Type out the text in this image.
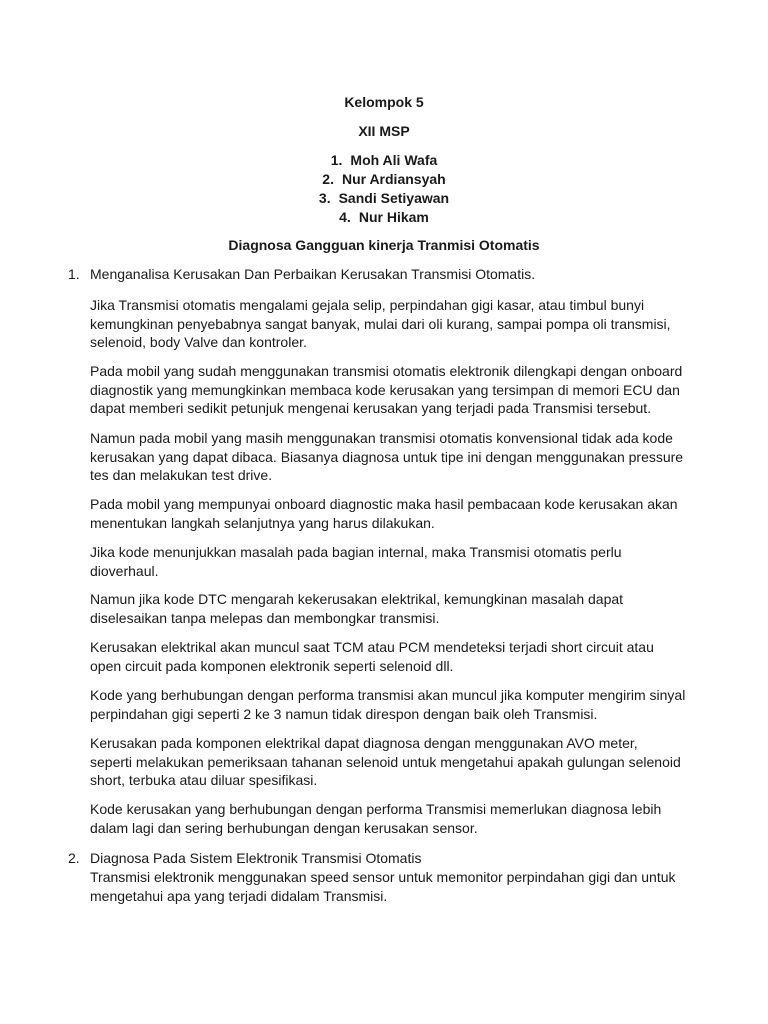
Kelompok 5
XII MSP
1. Moh Ali Wafa
2. Nur Ardiansyah
3. Sandi Setiyawan
4. Nur Hikam
Diagnosa Gangguan kinerja Tranmisi Otomatis
1. Menganalisa Kerusakan Dan Perbaikan Kerusakan Transmisi Otomatis.
Jika Transmisi otomatis mengalami gejala selip, perpindahan gigi kasar, atau timbul bunyi
kemungkinan penyebabnya sangat banyak, mulai dari oli kurang, sampai pompa oli transmisi,
selenoid, body Valve dan kontroler.
Pada mobil yang sudah menggunakan transmisi otomatis elektronik dilengkapi dengan onboard
diagnostik yang memungkinkan membaca kode kerusakan yang tersimpan di memori ECU dan
dapat memberi sedikit petunjuk mengenai kerusakan yang terjadi pada Transmisi tersebut.
Namun pada mobil yang masih menggunakan transmisi otomatis konvensional tidak ada kode
kerusakan yang dapat dibaca. Biasanya diagnosa untuk tipe ini dengan menggunakan pressure
tes dan melakukan test drive.
Pada mobil yang mempunyai onboard diagnostic maka hasil pembacaan kode kerusakan akan
menentukan langkah selanjutnya yang harus dilakukan.
Jika kode menunjukkan masalah pada bagian internal, maka Transmisi otomatis perlu
dioverhaul.
Namun jika kode DTC mengarah kekerusakan elektrikal, kemungkinan masalah dapat
diselesaikan tanpa melepas dan membongkar transmisi.
Kerusakan elektrikal akan muncul saat TCM atau PCM mendeteksi terjadi short circuit atau
open circuit pada komponen elektronik seperti selenoid dll.
Kode yang berhubungan dengan performa transmisi akan muncul jika komputer mengirim sinyal
perpindahan gigi seperti 2 ke 3 namun tidak direspon dengan baik oleh Transmisi.
Kerusakan pada komponen elektrikal dapat diagnosa dengan menggunakan AVO meter,
seperti melakukan pemeriksaan tahanan selenoid untuk mengetahui apakah gulungan selenoid
short, terbuka atau diluar spesifikasi.
Kode kerusakan yang berhubungan dengan performa Transmisi memerlukan diagnosa lebih
dalam lagi dan sering berhubungan dengan kerusakan sensor.
2. Diagnosa Pada Sistem Elektronik Transmisi Otomatis
Transmisi elektronik menggunakan speed sensor untuk memonitor perpindahan gigi dan untuk
mengetahui apa yang terjadi didalam Transmisi.
